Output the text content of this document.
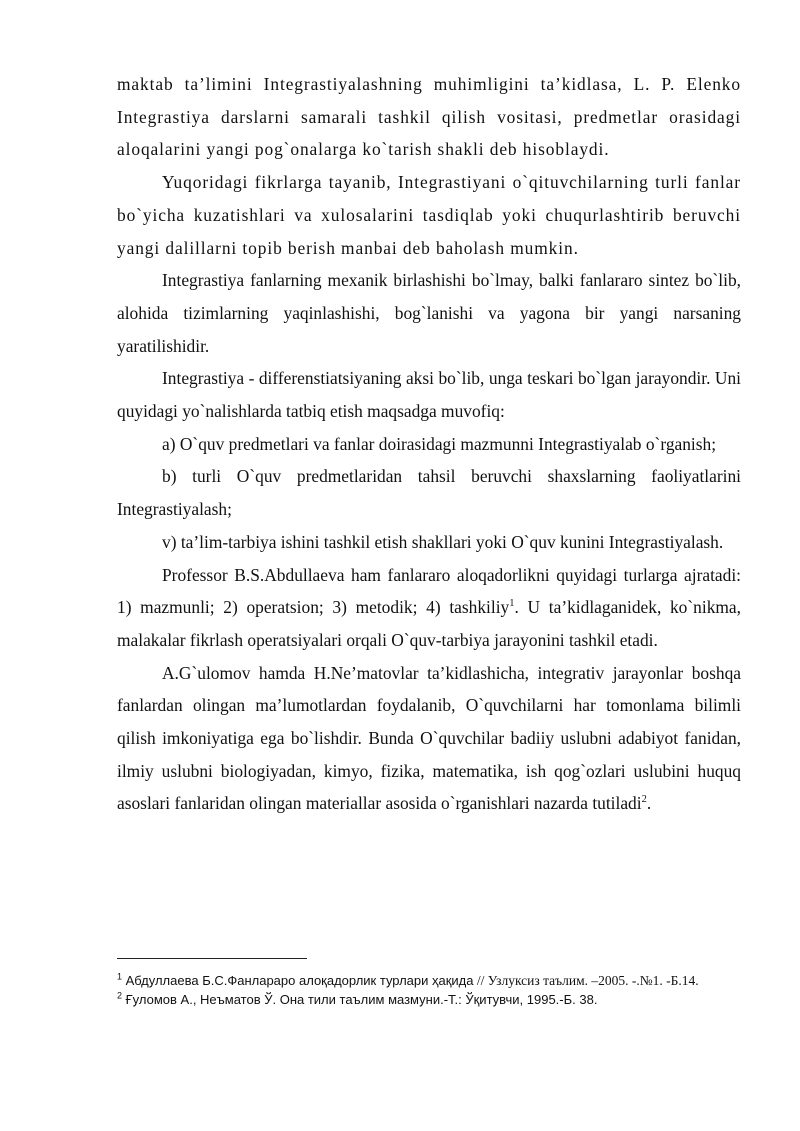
maktab ta’limini Integrastiyalashning muhimligini ta’kidlasa, L. P. Elenko Integrastiya darslarni samarali tashkil qilish vositasi, predmetlar orasidagi aloqalarini yangi pog`onalarga ko`tarish shakli deb hisoblaydi.

Yuqoridagi fikrlarga tayanib, Integrastiyani o`qituvchilarning turli fanlar bo`yicha kuzatishlari va xulosalarini tasdiqlab yoki chuqurlashtirib beruvchi yangi dalillarni topib berish manbai deb baholash mumkin.

Integrastiya fanlarning mexanik birlashishi bo`lmay, balki fanlararo sintez bo`lib, alohida tizimlarning yaqinlashishi, bog`lanishi va yagona bir yangi narsaning yaratilishidir.

Integrastiya - differenstiatsiyaning aksi bo`lib, unga teskari bo`lgan jarayondir. Uni quyidagi yo`nalishlarda tatbiq etish maqsadga muvofiq:

a) O`quv predmetlari va fanlar doirasidagi mazmunni Integrastiyalab o`rganish;

b) turli O`quv predmetlaridan tahsil beruvchi shaxslarning faoliyatlarini Integrastiyalash;

v) ta’lim-tarbiya ishini tashkil etish shakllari yoki O`quv kunini Integrastiyalash.

Professor B.S.Abdullaeva ham fanlararo aloqadorlikni quyidagi turlarga ajratadi: 1) mazmunli; 2) operatsion; 3) metodik; 4) tashkiliy$^1$. U ta’kidlaganidek, ko`nikma, malakalar fikrlash operatsiyalari orqali O`quv-tarbiya jarayonini tashkil etadi.

A.G`ulomov hamda H.Ne’matovlar ta’kidlashicha, integrativ jarayonlar boshqa fanlardan olingan ma’lumotlardan foydalanib, O`quvchilarni har tomonlama bilimli qilish imkoniyatiga ega bo`lishdir. Bunda O`quvchilar badiiy uslubni adabiyot fanidan, ilmiy uslubni biologiyadan, kimyo, fizika, matematika, ish qog`ozlari uslubini huquq asoslari fanlaridan olingan materiallar asosida o`rganishlari nazarda tutiladi$^2$.

$^1$ Абдуллаева Б.С.Фанлараро алоқадорлик турлари ҳақида // Узлуксиз таълим. –2005. -.№1. -Б.14.

$^2$ Ғуломов А., Неъматов Ў. Она тили таълим мазмуни.-Т.: Ўқитувчи, 1995.-Б. 38.
